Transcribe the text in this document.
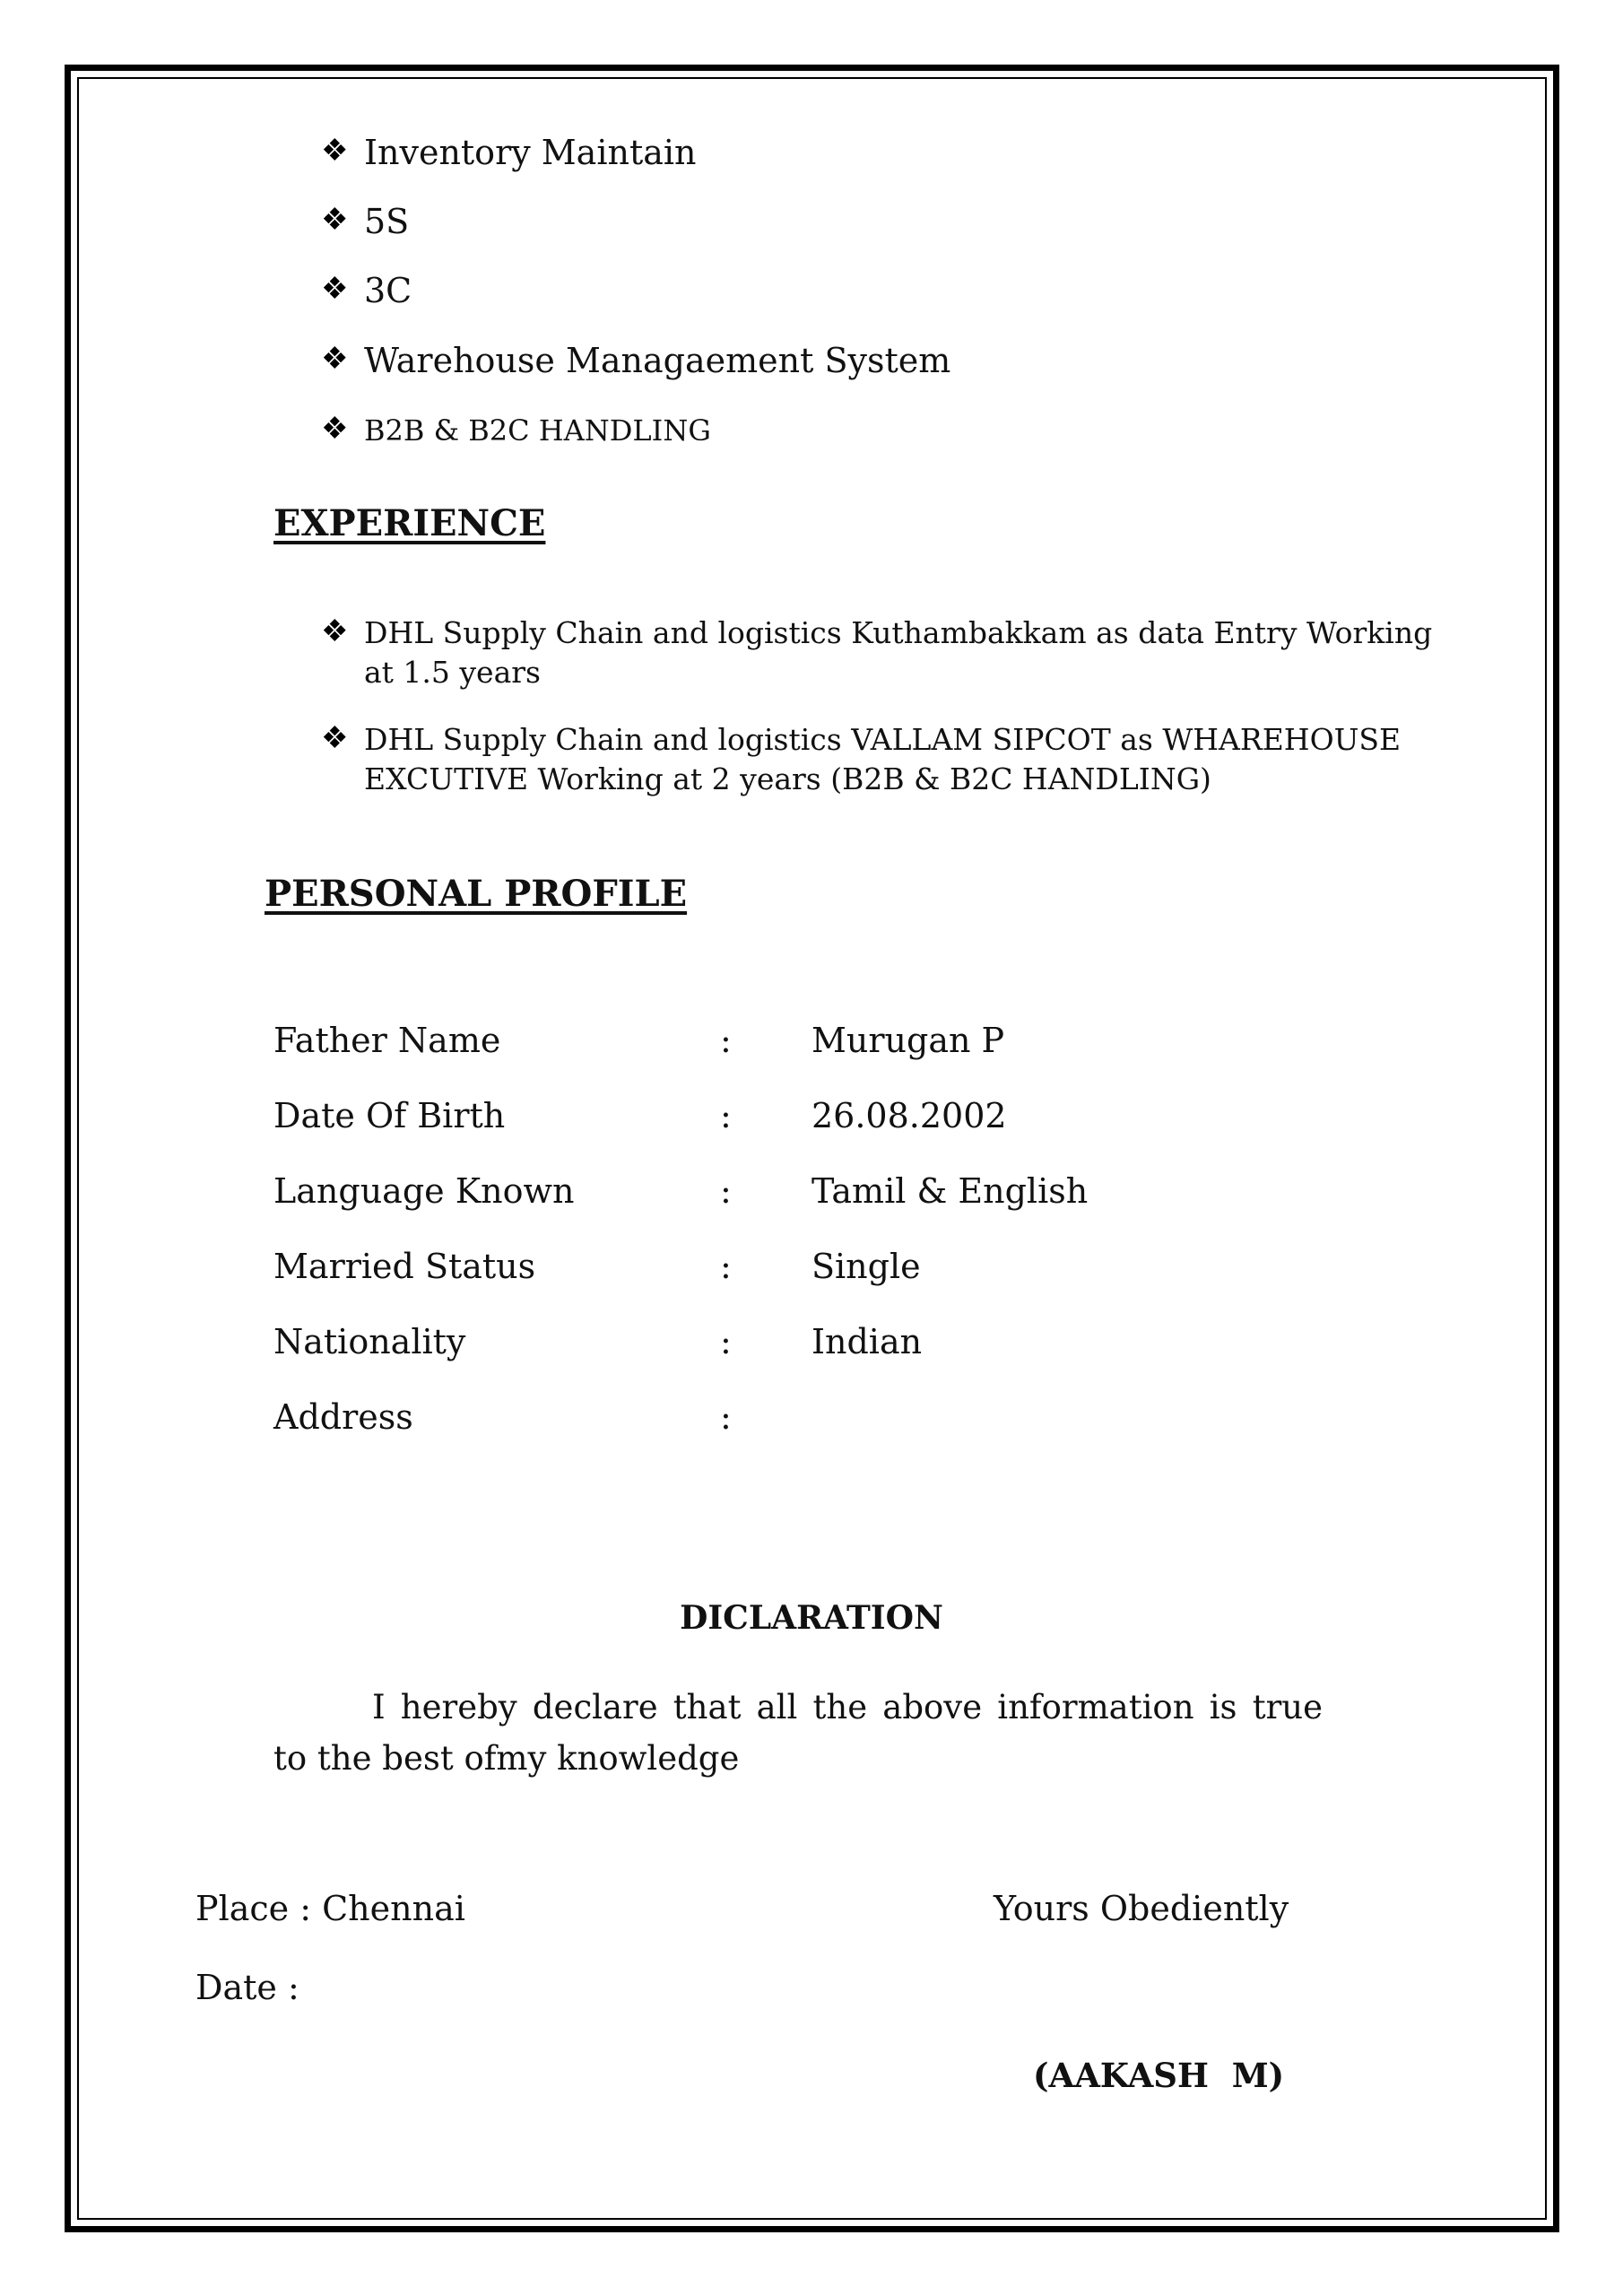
❖ Inventory Maintain
❖ 5S
❖ 3C
❖ Warehouse Managaement System
❖ B2B & B2C HANDLING
EXPERIENCE
❖ DHL Supply Chain and logistics Kuthambakkam as data Entry Working at 1.5 years
❖ DHL Supply Chain and logistics VALLAM SIPCOT as WHAREHOUSE EXCUTIVE Working at 2 years (B2B & B2C HANDLING)
PERSONAL PROFILE
Father Name	: Murugan P
Date Of Birth	: 26.08.2002
Language Known	: Tamil & English
Married Status	: Single
Nationality	: Indian
Address	:
DICLARATION
I hereby declare that all the above information is true to the best ofmy knowledge
Place : Chennai
Date :
Yours Obediently
(AAKASH  M)
